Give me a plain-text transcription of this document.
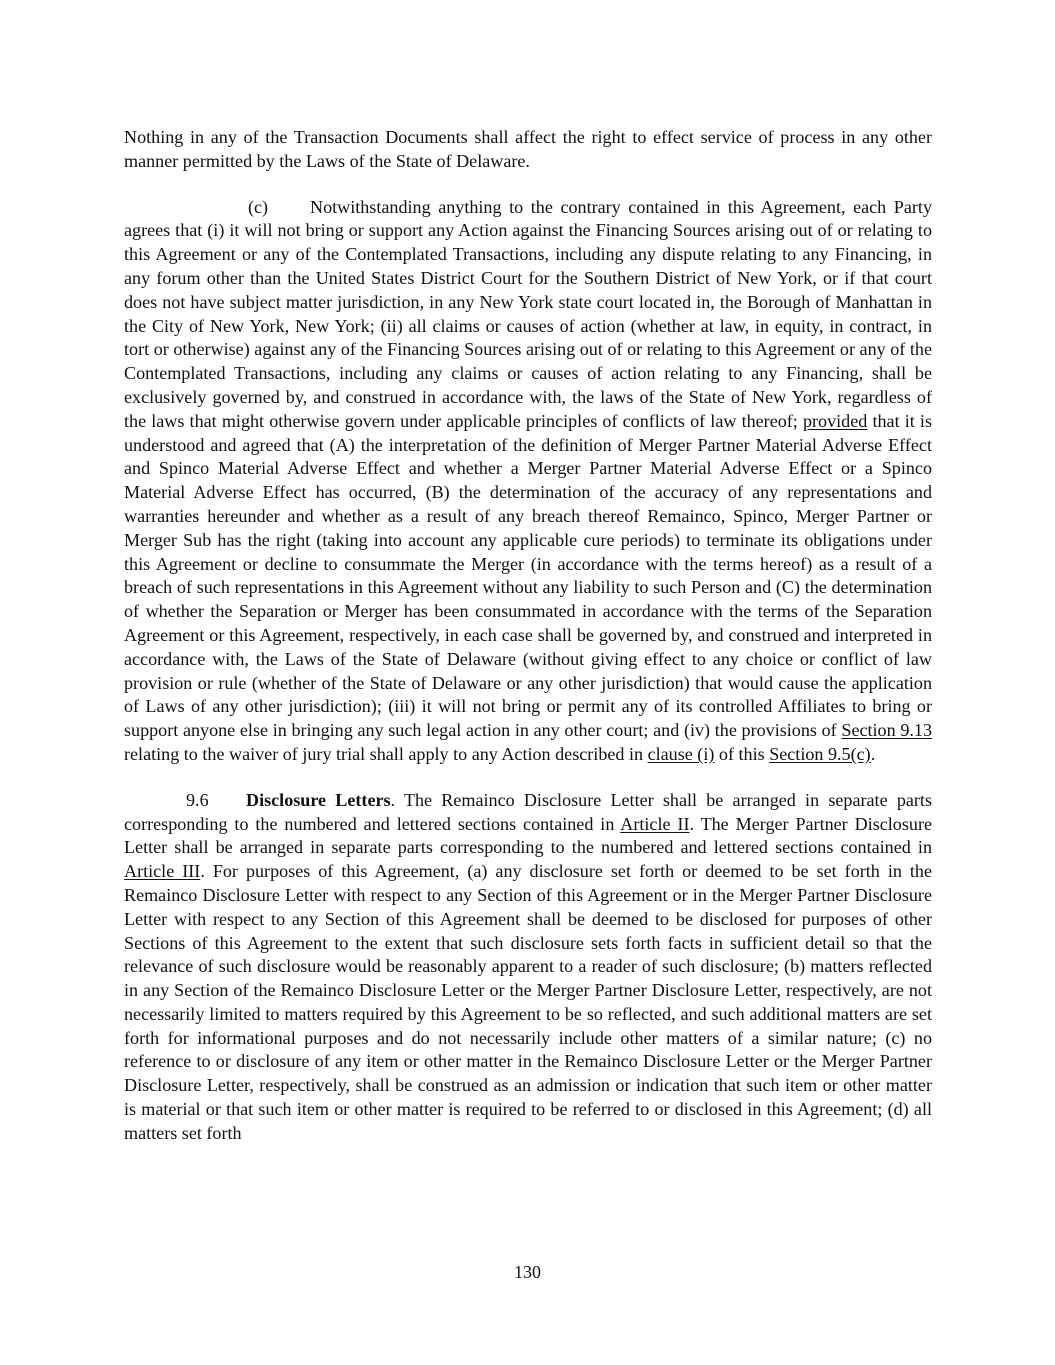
Nothing in any of the Transaction Documents shall affect the right to effect service of process in any other manner permitted by the Laws of the State of Delaware.

(c) Notwithstanding anything to the contrary contained in this Agreement, each Party agrees that (i) it will not bring or support any Action against the Financing Sources arising out of or relating to this Agreement or any of the Contemplated Transactions, including any dispute relating to any Financing, in any forum other than the United States District Court for the Southern District of New York, or if that court does not have subject matter jurisdiction, in any New York state court located in, the Borough of Manhattan in the City of New York, New York; (ii) all claims or causes of action (whether at law, in equity, in contract, in tort or otherwise) against any of the Financing Sources arising out of or relating to this Agreement or any of the Contemplated Transactions, including any claims or causes of action relating to any Financing, shall be exclusively governed by, and construed in accordance with, the laws of the State of New York, regardless of the laws that might otherwise govern under applicable principles of conflicts of law thereof; provided that it is understood and agreed that (A) the interpretation of the definition of Merger Partner Material Adverse Effect and Spinco Material Adverse Effect and whether a Merger Partner Material Adverse Effect or a Spinco Material Adverse Effect has occurred, (B) the determination of the accuracy of any representations and warranties hereunder and whether as a result of any breach thereof Remainco, Spinco, Merger Partner or Merger Sub has the right (taking into account any applicable cure periods) to terminate its obligations under this Agreement or decline to consummate the Merger (in accordance with the terms hereof) as a result of a breach of such representations in this Agreement without any liability to such Person and (C) the determination of whether the Separation or Merger has been consummated in accordance with the terms of the Separation Agreement or this Agreement, respectively, in each case shall be governed by, and construed and interpreted in accordance with, the Laws of the State of Delaware (without giving effect to any choice or conflict of law provision or rule (whether of the State of Delaware or any other jurisdiction) that would cause the application of Laws of any other jurisdiction); (iii) it will not bring or permit any of its controlled Affiliates to bring or support anyone else in bringing any such legal action in any other court; and (iv) the provisions of Section 9.13 relating to the waiver of jury trial shall apply to any Action described in clause (i) of this Section 9.5(c).

9.6 Disclosure Letters. The Remainco Disclosure Letter shall be arranged in separate parts corresponding to the numbered and lettered sections contained in Article II. The Merger Partner Disclosure Letter shall be arranged in separate parts corresponding to the numbered and lettered sections contained in Article III. For purposes of this Agreement, (a) any disclosure set forth or deemed to be set forth in the Remainco Disclosure Letter with respect to any Section of this Agreement or in the Merger Partner Disclosure Letter with respect to any Section of this Agreement shall be deemed to be disclosed for purposes of other Sections of this Agreement to the extent that such disclosure sets forth facts in sufficient detail so that the relevance of such disclosure would be reasonably apparent to a reader of such disclosure; (b) matters reflected in any Section of the Remainco Disclosure Letter or the Merger Partner Disclosure Letter, respectively, are not necessarily limited to matters required by this Agreement to be so reflected, and such additional matters are set forth for informational purposes and do not necessarily include other matters of a similar nature; (c) no reference to or disclosure of any item or other matter in the Remainco Disclosure Letter or the Merger Partner Disclosure Letter, respectively, shall be construed as an admission or indication that such item or other matter is material or that such item or other matter is required to be referred to or disclosed in this Agreement; (d) all matters set forth

130
